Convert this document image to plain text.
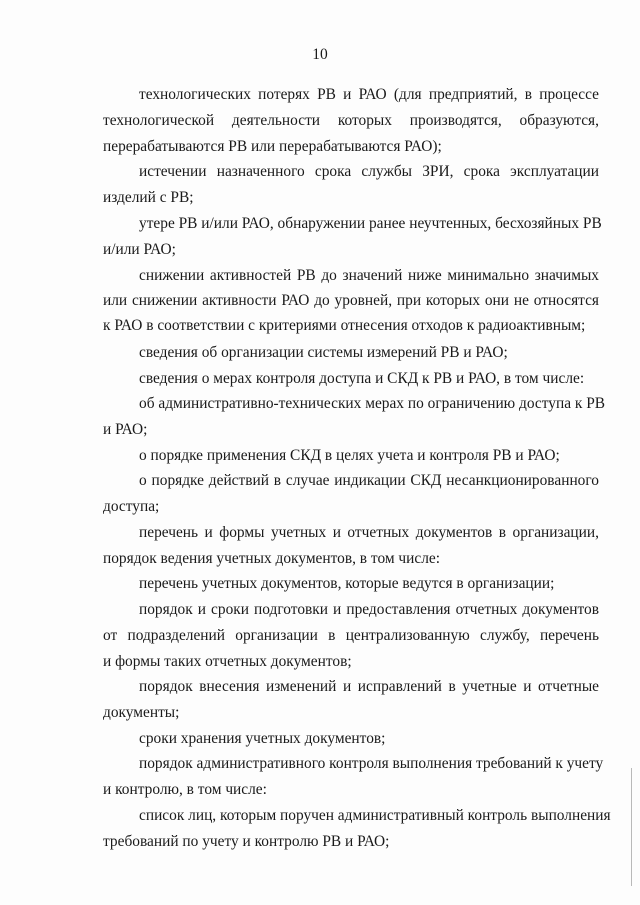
10
технологических потерях РВ и РАО (для предприятий, в процессе
технологической деятельности которых производятся, образуются,
перерабатываются РВ или перерабатываются РАО);
истечении назначенного срока службы ЗРИ, срока эксплуатации
изделий с РВ;
утере РВ и/или РАО, обнаружении ранее неучтенных, бесхозяйных РВ
и/или РАО;
снижении активностей РВ до значений ниже минимально значимых
или снижении активности РАО до уровней, при которых они не относятся
к РАО в соответствии с критериями отнесения отходов к радиоактивным;
сведения об организации системы измерений РВ и РАО;
сведения о мерах контроля доступа и СКД к РВ и РАО, в том числе:
об административно-технических мерах по ограничению доступа к РВ
и РАО;
о порядке применения СКД в целях учета и контроля РВ и РАО;
о порядке действий в случае индикации СКД несанкционированного
доступа;
перечень и формы учетных и отчетных документов в организации,
порядок ведения учетных документов, в том числе:
перечень учетных документов, которые ведутся в организации;
порядок и сроки подготовки и предоставления отчетных документов
от подразделений организации в централизованную службу, перечень
и формы таких отчетных документов;
порядок внесения изменений и исправлений в учетные и отчетные
документы;
сроки хранения учетных документов;
порядок административного контроля выполнения требований к учету
и контролю, в том числе:
список лиц, которым поручен административный контроль выполнения
требований по учету и контролю РВ и РАО;
